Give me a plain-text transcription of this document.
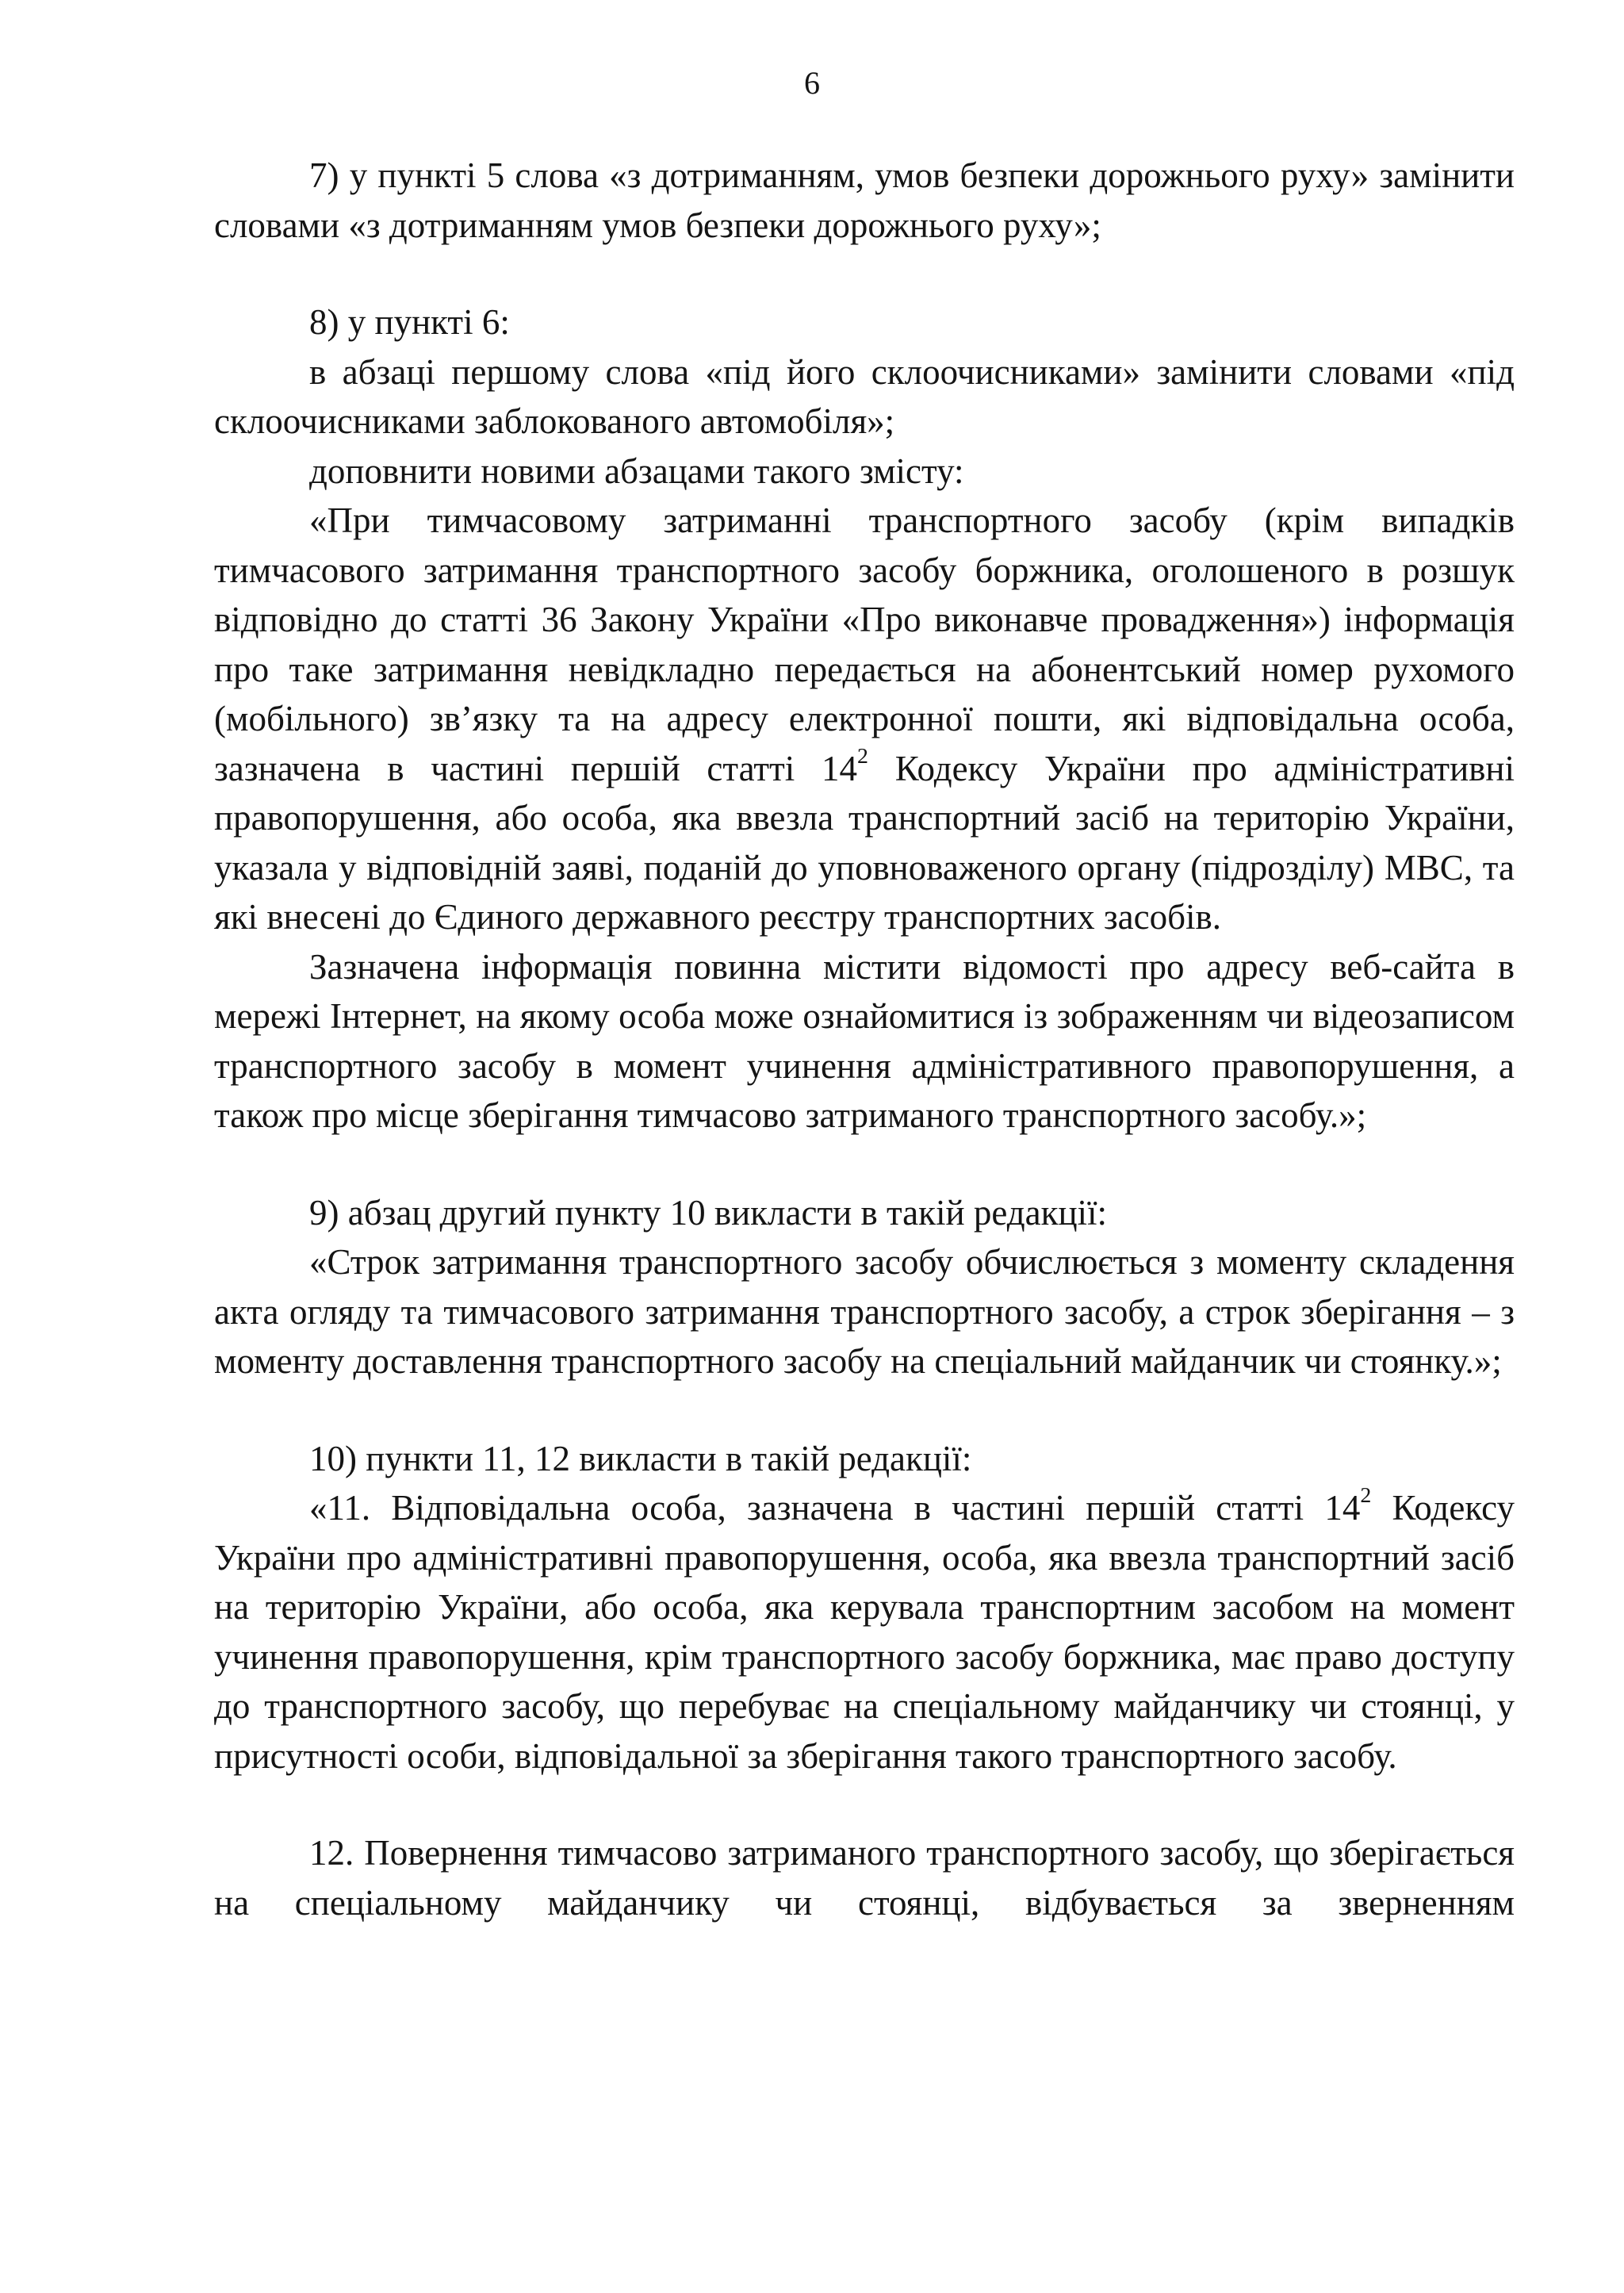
6

7) у пункті 5 слова «з дотриманням, умов безпеки дорожнього руху» замінити словами «з дотриманням умов безпеки дорожнього руху»;

8) у пункті 6:

в абзаці першому слова «під його склоочисниками» замінити словами «під склоочисниками заблокованого автомобіля»;

доповнити новими абзацами такого змісту:

«При тимчасовому затриманні транспортного засобу (крім випадків тимчасового затримання транспортного засобу боржника, оголошеного в розшук відповідно до статті 36 Закону України «Про виконавче провадження») інформація про таке затримання невідкладно передається на абонентський номер рухомого (мобільного) зв’язку та на адресу електронної пошти, які відповідальна особа, зазначена в частині першій статті $14^2$ Кодексу України про адміністративні правопорушення, або особа, яка ввезла транспортний засіб на територію України, указала у відповідній заяві, поданій до уповноваженого органу (підрозділу) МВС, та які внесені до Єдиного державного реєстру транспортних засобів.

Зазначена інформація повинна містити відомості про адресу веб-сайта в мережі Інтернет, на якому особа може ознайомитися із зображенням чи відеозаписом транспортного засобу в момент учинення адміністративного правопорушення, а також про місце зберігання тимчасово затриманого транспортного засобу.»;

9) абзац другий пункту 10 викласти в такій редакції:

«Строк затримання транспортного засобу обчислюється з моменту складення акта огляду та тимчасового затримання транспортного засобу, а строк зберігання – з моменту доставлення транспортного засобу на спеціальний майданчик чи стоянку.»;

10) пункти 11, 12 викласти в такій редакції:

«11. Відповідальна особа, зазначена в частині першій статті $14^2$ Кодексу України про адміністративні правопорушення, особа, яка ввезла транспортний засіб на територію України, або особа, яка керувала транспортним засобом на момент учинення правопорушення, крім транспортного засобу боржника, має право доступу до транспортного засобу, що перебуває на спеціальному майданчику чи стоянці, у присутності особи, відповідальної за зберігання такого транспортного засобу.

12. Повернення тимчасово затриманого транспортного засобу, що зберігається на спеціальному майданчику чи стоянці, відбувається за зверненням
